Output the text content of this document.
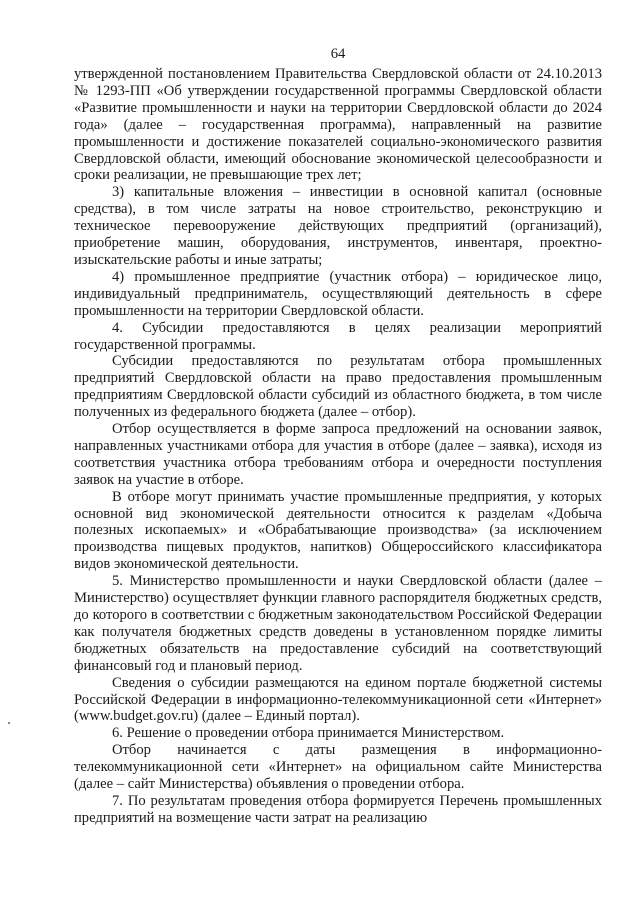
64

утвержденной постановлением Правительства Свердловской области от 24.10.2013 № 1293-ПП «Об утверждении государственной программы Свердловской области «Развитие промышленности и науки на территории Свердловской области до 2024 года» (далее – государственная программа), направленный на развитие промышленности и достижение показателей социально-экономического развития Свердловской области, имеющий обоснование экономической целесообразности и сроки реализации, не превышающие трех лет;

3) капитальные вложения – инвестиции в основной капитал (основные средства), в том числе затраты на новое строительство, реконструкцию и техническое перевооружение действующих предприятий (организаций), приобретение машин, оборудования, инструментов, инвентаря, проектно-изыскательские работы и иные затраты;

4) промышленное предприятие (участник отбора) – юридическое лицо, индивидуальный предприниматель, осуществляющий деятельность в сфере промышленности на территории Свердловской области.

4. Субсидии предоставляются в целях реализации мероприятий государственной программы.

Субсидии предоставляются по результатам отбора промышленных предприятий Свердловской области на право предоставления промышленным предприятиям Свердловской области субсидий из областного бюджета, в том числе полученных из федерального бюджета (далее – отбор).

Отбор осуществляется в форме запроса предложений на основании заявок, направленных участниками отбора для участия в отборе (далее – заявка), исходя из соответствия участника отбора требованиям отбора и очередности поступления заявок на участие в отборе.

В отборе могут принимать участие промышленные предприятия, у которых основной вид экономической деятельности относится к разделам «Добыча полезных ископаемых» и «Обрабатывающие производства» (за исключением производства пищевых продуктов, напитков) Общероссийского классификатора видов экономической деятельности.

5. Министерство промышленности и науки Свердловской области (далее – Министерство) осуществляет функции главного распорядителя бюджетных средств, до которого в соответствии с бюджетным законодательством Российской Федерации как получателя бюджетных средств доведены в установленном порядке лимиты бюджетных обязательств на предоставление субсидий на соответствующий финансовый год и плановый период.

Сведения о субсидии размещаются на едином портале бюджетной системы Российской Федерации в информационно-телекоммуникационной сети «Интернет» (www.budget.gov.ru) (далее – Единый портал).

6. Решение о проведении отбора принимается Министерством.

Отбор начинается с даты размещения в информационно-телекоммуникационной сети «Интернет» на официальном сайте Министерства (далее – сайт Министерства) объявления о проведении отбора.

7. По результатам проведения отбора формируется Перечень промышленных предприятий на возмещение части затрат на реализацию
